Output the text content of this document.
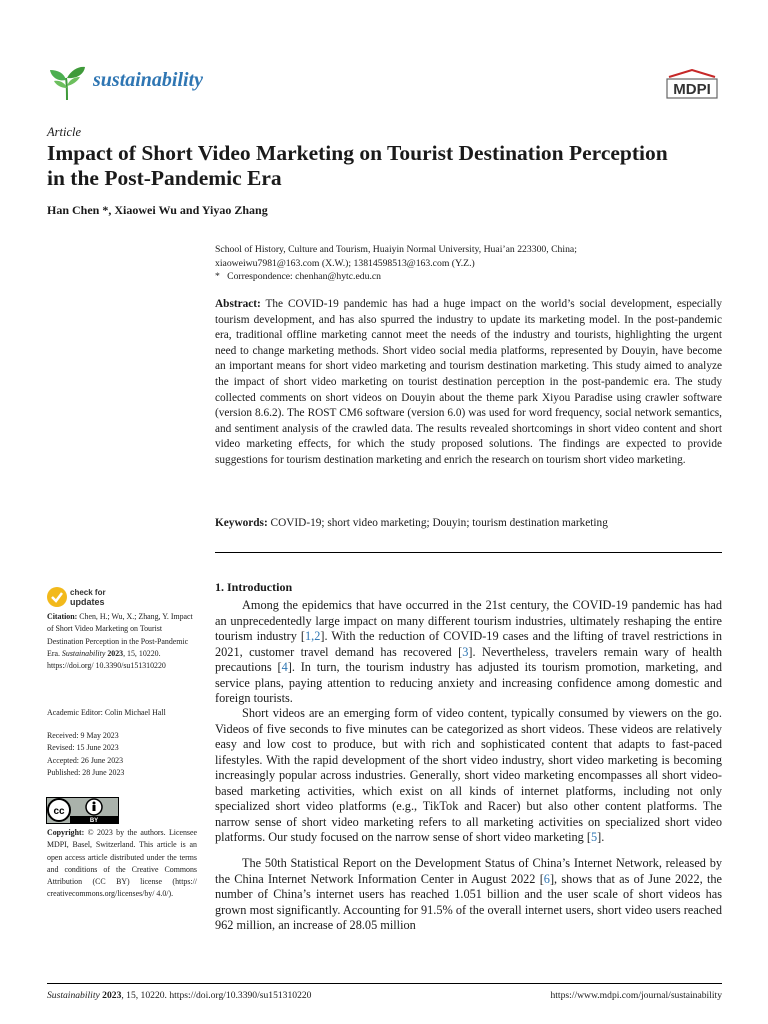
sustainability	MDPI
Article
Impact of Short Video Marketing on Tourist Destination Perception in the Post-Pandemic Era
Han Chen *, Xiaowei Wu and Yiyao Zhang
School of History, Culture and Tourism, Huaiyin Normal University, Huai’an 223300, China;
xiaoweiwu7981@163.com (X.W.); 13814598513@163.com (Y.Z.)
*   Correspondence: chenhan@hytc.edu.cn

Abstract: The COVID-19 pandemic has had a huge impact on the world’s social development, especially tourism development, and has also spurred the industry to update its marketing model. In the post-pandemic era, traditional offline marketing cannot meet the needs of the industry and tourists, highlighting the urgent need to change marketing methods. Short video social media platforms, represented by Douyin, have become an important means for short video marketing and tourism destination marketing. This study aimed to analyze the impact of short video marketing on tourist destination perception in the post-pandemic era. The study collected comments on short videos on Douyin about the theme park Xiyou Paradise using crawler software (version 8.6.2). The ROST CM6 software (version 6.0) was used for word frequency, social network semantics, and sentiment analysis of the crawled data. The results revealed shortcomings in short video content and short video marketing effects, for which the study proposed solutions. The findings are expected to provide suggestions for tourism destination marketing and enrich the research on tourism short video marketing.

Keywords: COVID-19; short video marketing; Douyin; tourism destination marketing
check for
updates
Citation: Chen, H.; Wu, X.; Zhang, Y. Impact of Short Video Marketing on Tourist Destination Perception in the Post-Pandemic Era. Sustainability 2023, 15, 10220. https://doi.org/ 10.3390/su151310220
Academic Editor: Colin Michael Hall
Received: 9 May 2023
Revised: 15 June 2023
Accepted: 26 June 2023
Published: 28 June 2023
cc
BY
Copyright: © 2023 by the authors. Licensee MDPI, Basel, Switzerland. This article is an open access article distributed under the terms and conditions of the Creative Commons Attribution (CC BY) license (https:// creativecommons.org/licenses/by/ 4.0/).
1. Introduction

Among the epidemics that have occurred in the 21st century, the COVID-19 pandemic has had an unprecedentedly large impact on many different tourism industries, ultimately reshaping the entire tourism industry [1,2]. With the reduction of COVID-19 cases and the lifting of travel restrictions in 2021, customer travel demand has recovered [3]. Nevertheless, travelers remain wary of health precautions [4]. In turn, the tourism industry has adjusted its tourism promotion, marketing, and service plans, paying attention to reducing anxiety and increasing confidence among domestic and foreign tourists.

Short videos are an emerging form of video content, typically consumed by viewers on the go. Videos of five seconds to five minutes can be categorized as short videos. These videos are relatively easy and low cost to produce, but with rich and sophisticated content that adapts to fast-paced lifestyles. With the rapid development of the short video industry, short video marketing is becoming increasingly popular across industries. Generally, short video marketing encompasses all short video-based marketing activities, which exist on all kinds of internet platforms, including not only specialized short video platforms (e.g., TikTok and Racer) but also other content platforms. The narrow sense of short video marketing refers to all marketing activities on specialized short video platforms. Our study focused on the narrow sense of short video marketing [5].

The 50th Statistical Report on the Development Status of China’s Internet Network, released by the China Internet Network Information Center in August 2022 [6], shows that as of June 2022, the number of China’s internet users has reached 1.051 billion and the user scale of short videos has grown most significantly. Accounting for 91.5% of the overall internet users, short video users reached 962 million, an increase of 28.05 million

Sustainability 2023, 15, 10220. https://doi.org/10.3390/su151310220	https://www.mdpi.com/journal/sustainability
